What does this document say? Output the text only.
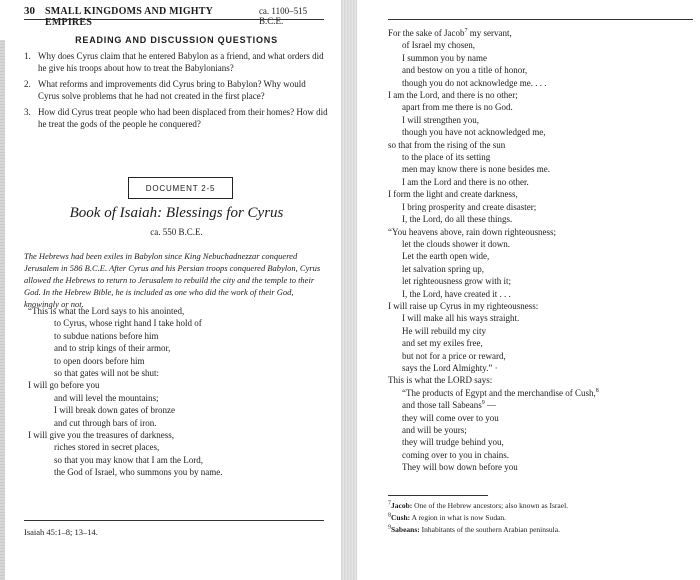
30 SMALL KINGDOMS AND MIGHTY EMPIRES
ca. 1100–515 B.C.E.
READING AND DISCUSSION QUESTIONS
1. Why does Cyrus claim that he entered Babylon as a friend, and what orders did he give his troops about how to treat the Babylonians?
2. What reforms and improvements did Cyrus bring to Babylon? Why would Cyrus solve problems that he had not created in the first place?
3. How did Cyrus treat people who had been displaced from their homes? How did he treat the gods of the people he conquered?
DOCUMENT 2-5
Book of Isaiah: Blessings for Cyrus
ca. 550 B.C.E.
The Hebrews had been exiles in Babylon since King Nebuchadnezzar conquered Jerusalem in 586 B.C.E. After Cyrus and his Persian troops conquered Babylon, Cyrus allowed the Hebrews to return to Jerusalem to rebuild the city and the temple to their God. In the Hebrew Bible, he is included as one who did the work of their God, knowingly or not.
“This is what the Lord says to his anointed,
to Cyrus, whose right hand I take hold of
to subdue nations before him
and to strip kings of their armor,
to open doors before him
so that gates will not be shut:
I will go before you
and will level the mountains;
I will break down gates of bronze
and cut through bars of iron.
I will give you the treasures of darkness,
riches stored in secret places,
so that you may know that I am the Lord,
the God of Israel, who summons you by name.
Isaiah 45:1–8; 13–14.
For the sake of Jacob$^7$ my servant,
of Israel my chosen,
I summon you by name
and bestow on you a title of honor,
though you do not acknowledge me. . . .
I am the Lord, and there is no other;
apart from me there is no God.
I will strengthen you,
though you have not acknowledged me,
so that from the rising of the sun
to the place of its setting
men may know there is none besides me.
I am the Lord and there is no other.
I form the light and create darkness,
I bring prosperity and create disaster;
I, the Lord, do all these things.
“You heavens above, rain down righteousness;
let the clouds shower it down.
Let the earth open wide,
let salvation spring up,
let righteousness grow with it;
I, the Lord, have created it . . .
I will raise up Cyrus in my righteousness:
I will make all his ways straight.
He will rebuild my city
and set my exiles free,
but not for a price or reward,
says the Lord Almighty.” ·
This is what the LORD says:
“The products of Egypt and the merchandise of Cush,$^8$
and those tall Sabeans$^9$ —
they will come over to you
and will be yours;
they will trudge behind you,
coming over to you in chains.
They will bow down before you
$^7$Jacob: One of the Hebrew ancestors; also known as Israel.
$^8$Cush: A region in what is now Sudan.
$^9$Sabeans: Inhabitants of the southern Arabian peninsula.
